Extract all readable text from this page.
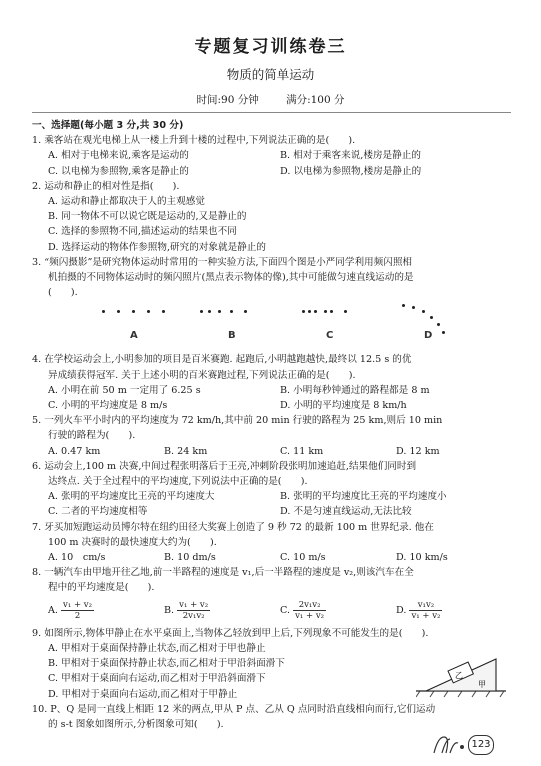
专题复习训练卷三
物质的简单运动
时间:90 分钟	满分:100 分
一、选择题(每小题 3 分,共 30 分)
1. 乘客站在观光电梯上从一楼上升到十楼的过程中,下列说法正确的是(　　).
A. 相对于电梯来说,乘客是运动的	B. 相对于乘客来说,楼房是静止的
C. 以电梯为参照物,乘客是静止的	D. 以电梯为参照物,楼房是静止的
2. 运动和静止的相对性是指(　　).
A. 运动和静止都取决于人的主观感觉
B. 同一物体不可以说它既是运动的,又是静止的
C. 选择的参照物不同,描述运动的结果也不同
D. 选择运动的物体作参照物,研究的对象就是静止的
3. “频闪摄影”是研究物体运动时常用的一种实验方法,下面四个图是小严同学利用频闪照相
机拍摄的不同物体运动时的频闪照片(黑点表示物体的像),其中可能做匀速直线运动的是
(　　).
A	B	C	D
4. 在学校运动会上,小明参加的项目是百米赛跑. 起跑后,小明越跑越快,最终以 12.5 s 的优
异成绩获得冠军. 关于上述小明的百米赛跑过程,下列说法正确的是(　　).
A. 小明在前 50 m 一定用了 6.25 s	B. 小明每秒钟通过的路程都是 8 m
C. 小明的平均速度是 8 m/s	D. 小明的平均速度是 8 km/h
5. 一列火车平小时内的平均速度为 72 km/h,其中前 20 min 行驶的路程为 25 km,则后 10 min
行驶的路程为(　　).
A. 0.47 km	B. 24 km	C. 11 km	D. 12 km
6. 运动会上,100 m 决赛,中间过程张明落后于王亮,冲刺阶段张明加速追赶,结果他们同时到
达终点. 关于全过程中的平均速度,下列说法中正确的是(　　).
A. 张明的平均速度比王亮的平均速度大	B. 张明的平均速度比王亮的平均速度小
C. 二者的平均速度相等	D. 不是匀速直线运动,无法比较
7. 牙买加短跑运动员博尔特在纽约田径大奖赛上创造了 9 秒 72 的最新 100 m 世界纪录. 他在
100 m 决赛时的最快速度大约为(　　).
A. 10　cm/s	B. 10 dm/s	C. 10 m/s	D. 10 km/s
8. 一辆汽车由甲地开往乙地,前一半路程的速度是 v₁,后一半路程的速度是 v₂,则该汽车在全
程中的平均速度是(　　).
A. $\frac{\text{v₁ + v₂}}{2}$	B. $\frac{\text{v₁ + v₂}}{\text{2v₁v₂}}$	C. $\frac{\text{2v₁v₂}}{\text{v₁ + v₂}}$	D. $\frac{\text{v₁v₂}}{\text{v₁ + v₂}}$
9. 如图所示,物体甲静止在水平桌面上,当物体乙轻放到甲上后,下列现象不可能发生的是(　　).
A. 甲相对于桌面保持静止状态,而乙相对于甲也静止
B. 甲相对于桌面保持静止状态,而乙相对于甲沿斜面滑下
C. 甲相对于桌面向右运动,而乙相对于甲沿斜面滑下
D. 甲相对于桌面向右运动,而乙相对于甲静止
乙
甲
10. P、Q 是同一直线上相距 12 米的两点,甲从 P 点、乙从 Q 点同时沿直线相向而行,它们运动
的 s-t 图象如图所示,分析图象可知(　　).
123
